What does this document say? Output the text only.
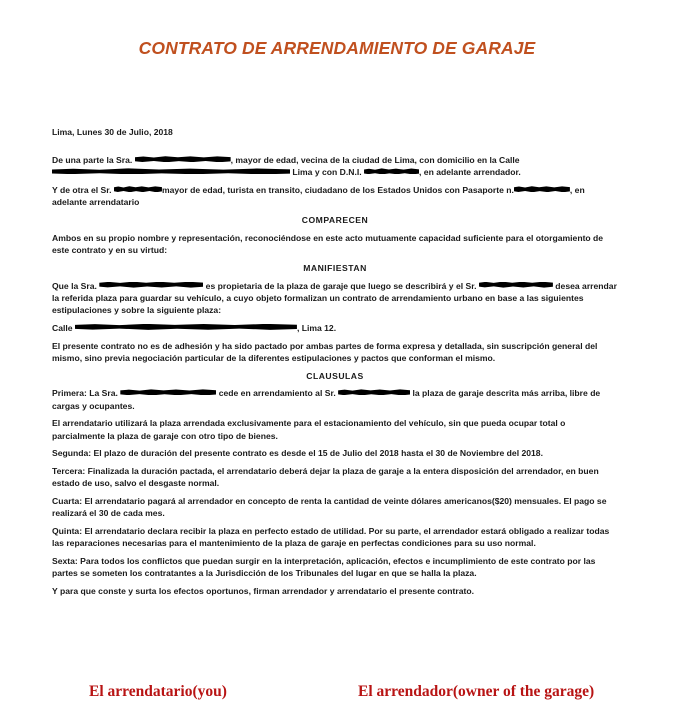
CONTRATO DE ARRENDAMIENTO DE GARAJE

Lima, Lunes 30 de Julio, 2018

De una parte la Sra.	, mayor de edad, vecina de la ciudad de Lima, con domicilio en la Calle  Lima y con D.N.I.	, en adelante arrendador.

Y de otra el Sr.	mayor de edad, turista en transito, ciudadano de los Estados Unidos con Pasaporte n.	, en adelante arrendatario

COMPARECEN

Ambos en su propio nombre y representación, reconociéndose en este acto mutuamente capacidad suficiente para el otorgamiento de este contrato y en su virtud:

MANIFIESTAN

Que la Sra.	es propietaria de la plaza de garaje que luego se describirá y el Sr.	desea arrendar la referida plaza para guardar su vehículo, a cuyo objeto formalizan un contrato de arrendamiento urbano en base a las siguientes estipulaciones y sobre la siguiente plaza:

Calle	, Lima 12.

El presente contrato no es de adhesión y ha sido pactado por ambas partes de forma expresa y detallada, sin suscripción general del mismo, sino previa negociación particular de la diferentes estipulaciones y pactos que conforman el mismo.

CLAUSULAS

Primera: La Sra.	cede en arrendamiento al Sr.	la plaza de garaje descrita más arriba, libre de cargas y ocupantes.

El arrendatario utilizará la plaza arrendada exclusivamente para el estacionamiento del vehículo, sin que pueda ocupar total o parcialmente la plaza de garaje con otro tipo de bienes.

Segunda: El plazo de duración del presente contrato es desde el 15 de Julio del 2018 hasta el 30 de Noviembre del 2018.

Tercera: Finalizada la duración pactada, el arrendatario deberá dejar la plaza de garaje a la entera disposición del arrendador, en buen estado de uso, salvo el desgaste normal.

Cuarta: El arrendatario pagará al arrendador en concepto de renta la cantidad de veinte dólares americanos($20) mensuales. El pago se realizará el 30 de cada mes.

Quinta: El arrendatario declara recibir la plaza en perfecto estado de utilidad. Por su parte, el arrendador estará obligado a realizar todas las reparaciones necesarias para el mantenimiento de la plaza de garaje en perfectas condiciones para su uso normal.

Sexta: Para todos los conflictos que puedan surgir en la interpretación, aplicación, efectos e incumplimiento de este contrato por las partes se someten los contratantes a la Jurisdicción de los Tribunales del lugar en que se halla la plaza.

Y para que conste y surta los efectos oportunos, firman arrendador y arrendatario el presente contrato.

El arrendatario(you)	El arrendador(owner of the garage)
